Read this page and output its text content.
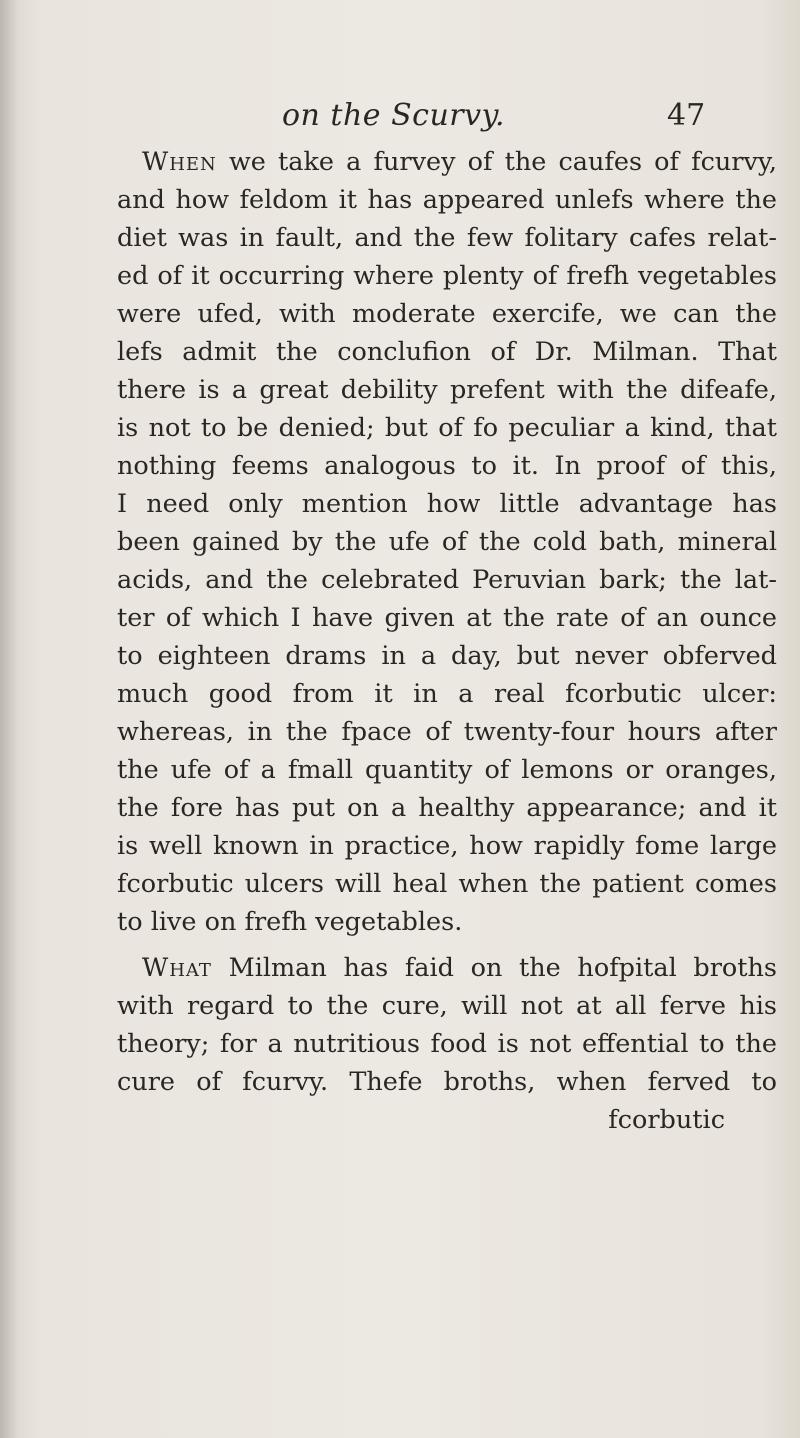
on the Scurvy.	47
When we take a furvey of the caufes of fcurvy,
and how feldom it has appeared unlefs where the
diet was in fault, and the few folitary cafes relat-
ed of it occurring where plenty of frefh vegetables
were ufed, with moderate exercife, we can the
lefs admit the conclufion of Dr. Milman. That
there is a great debility prefent with the difeafe,
is not to be denied; but of fo peculiar a kind, that
nothing feems analogous to it. In proof of this,
I need only mention how little advantage has
been gained by the ufe of the cold bath, mineral
acids, and the celebrated Peruvian bark; the lat-
ter of which I have given at the rate of an ounce
to eighteen drams in a day, but never obferved
much good from it in a real fcorbutic ulcer:
whereas, in the fpace of twenty-four hours after
the ufe of a fmall quantity of lemons or oranges,
the fore has put on a healthy appearance; and it
is well known in practice, how rapidly fome large
fcorbutic ulcers will heal when the patient comes
to live on frefh vegetables.
What Milman has faid on the hofpital broths
with regard to the cure, will not at all ferve his
theory; for a nutritious food is not effential to the
cure of fcurvy. Thefe broths, when ferved to
fcorbutic
